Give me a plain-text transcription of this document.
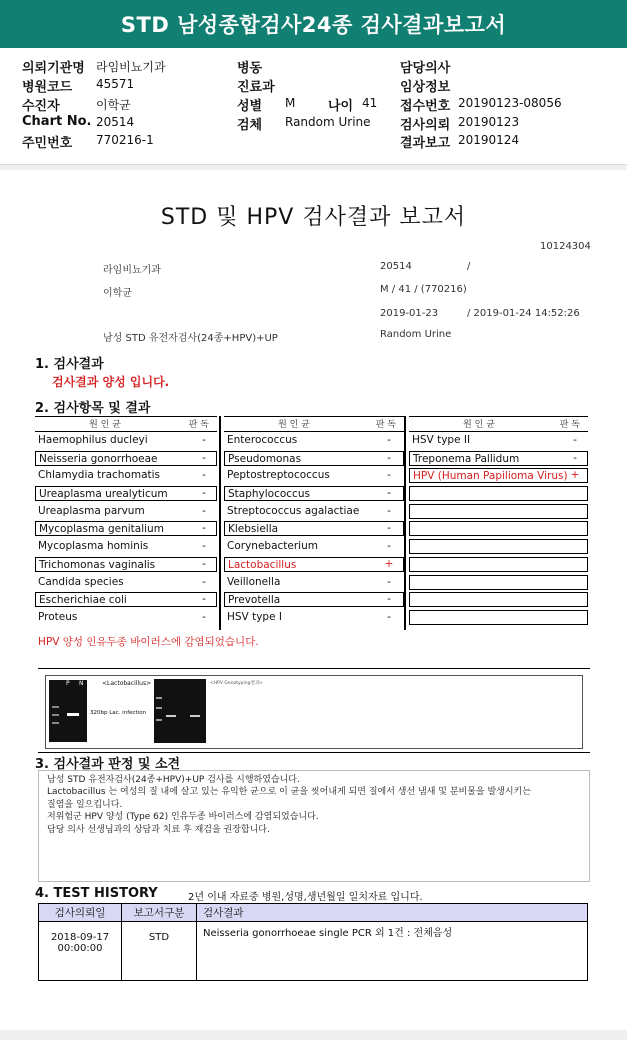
STD 남성종합검사24종 검사결과보고서
의뢰기관명 라임비뇨기과
병원코드 45571
수진자	이학균
Chart No. 20514
주민번호 770216-1
병동
진료과
성별 M	나이 41
검체 Random Urine
담당의사
임상정보
접수번호 20190123-08056
검사의뢰 20190123
결과보고 20190124
STD 및 HPV 검사결과 보고서
10124304
라임비뇨기과	20514	/
이학균	M / 41 / (770216)
2019-01-23	/ 2019-01-24 14:52:26
남성 STD 유전자검사(24종+HPV)+UP	Random Urine
1. 검사결과
검사결과 양성 입니다.
2. 검사항목 및 결과
원 인 균	판 독
Haemophilus ducleyi	-
Neisseria gonorrhoeae	-
Chlamydia trachomatis	-
Ureaplasma urealyticum	-
Ureaplasma parvum	-
Mycoplasma genitalium	-
Mycoplasma hominis	-
Trichomonas vaginalis	-
Candida species	-
Escherichiae coli	-
Proteus	-
원 인 균	판 독
Enterococcus	-
Pseudomonas	-
Peptostreptococcus	-
Staphylococcus	-
Streptococcus agalactiae	-
Klebsiella	-
Corynebacterium	-
Lactobacillus	+
Veillonella	-
Prevotella	-
HSV type I	-
원 인 균	판 독
HSV type II	-
Treponema Pallidum	-
HPV (Human Papilioma Virus) +
HPV 양성 인유두종 바이러스에 감염되었습니다.
P N	<Lactobacillus>
320bp Lac. infection
<HPV Genotyping결과>
3. 검사결과 판정 및 소견
남성 STD 유전자검사(24종+HPV)+UP 검사를 시행하였습니다.
Lactobacillus 는 여성의 질 내에 살고 있는 유익한 균으로 이 균을 씻어내게 되면 질에서 생선 냄새 및 분비물을 발생시키는
질염을 일으킵니다.
저위험군 HPV 양성 (Type 62) 인유두종 바이러스에 감염되었습니다.
담당 의사 선생님과의 상담과 치료 후 재검을 권장합니다.
4. TEST HISTORY	2년 이내 자료중 병원,성명,생년월일 일치자료 입니다.
검사의뢰일	보고서구분	검사결과

2018-09-17
00:00:00	STD	Neisseria gonorrhoeae single PCR 외 1건 : 전체음성
